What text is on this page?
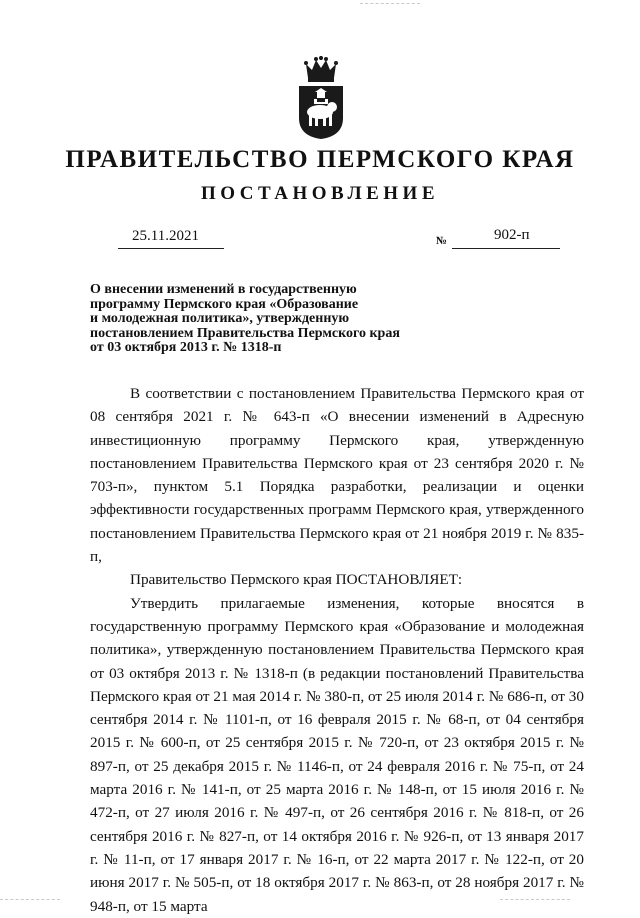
ПРАВИТЕЛЬСТВО ПЕРМСКОГО КРАЯ
ПОСТАНОВЛЕНИЕ
25.11.2021	№	902-п
О внесении изменений в государственную
программу Пермского края «Образование
и молодежная политика», утвержденную
постановлением Правительства Пермского края
от 03 октября 2013 г. № 1318-п

В соответствии с постановлением Правительства Пермского края от 08 сентября 2021 г. № 643-п «О внесении изменений в Адресную инвестиционную программу Пермского края, утвержденную постановлением Правительства Пермского края от 23 сентября 2020 г. № 703-п», пунктом 5.1 Порядка разработки, реализации и оценки эффективности государственных программ Пермского края, утвержденного постановлением Правительства Пермского края от 21 ноября 2019 г. № 835-п,

Правительство Пермского края ПОСТАНОВЛЯЕТ:

Утвердить прилагаемые изменения, которые вносятся в государственную программу Пермского края «Образование и молодежная политика», утвержденную постановлением Правительства Пермского края от 03 октября 2013 г. № 1318-п (в редакции постановлений Правительства Пермского края от 21 мая 2014 г. № 380-п, от 25 июля 2014 г. № 686-п, от 30 сентября 2014 г. № 1101-п, от 16 февраля 2015 г. № 68-п, от 04 сентября 2015 г. № 600-п, от 25 сентября 2015 г. № 720-п, от 23 октября 2015 г. № 897-п, от 25 декабря 2015 г. № 1146-п, от 24 февраля 2016 г. № 75-п, от 24 марта 2016 г. № 141-п, от 25 марта 2016 г. № 148-п, от 15 июля 2016 г. № 472-п, от 27 июля 2016 г. № 497-п, от 26 сентября 2016 г. № 818-п, от 26 сентября 2016 г. № 827-п, от 14 октября 2016 г. № 926-п, от 13 января 2017 г. № 11-п, от 17 января 2017 г. № 16-п, от 22 марта 2017 г. № 122-п, от 20 июня 2017 г. № 505-п, от 18 октября 2017 г. № 863-п, от 28 ноября 2017 г. № 948-п, от 15 марта
